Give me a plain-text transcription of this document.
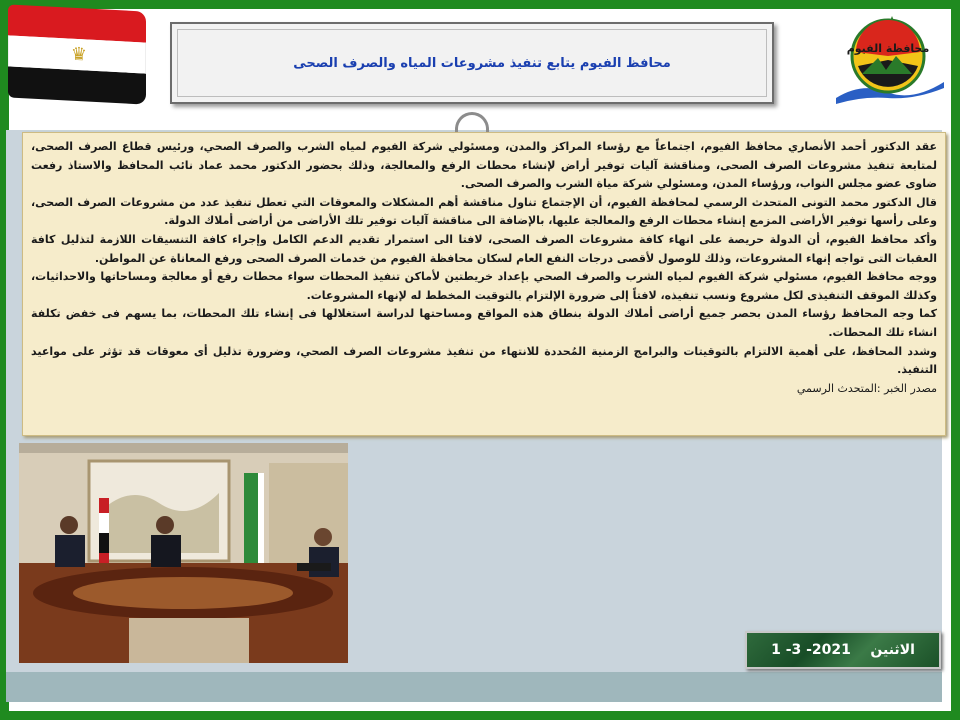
♛	محافظ الفيوم يتابع تنفيذ مشروعات المياه والصرف الصحى
محافظة الفيوم

عقد الدكتور أحمد الأنصاري محافظ الفيوم، اجتماعاً مع رؤساء المراكز والمدن، ومسئولي شركة الفيوم لمياه الشرب والصرف الصحي، ورئيس قطاع الصرف الصحى، لمتابعة تنفيذ مشروعات الصرف الصحى، ومناقشة آليات توفير أراض لإنشاء محطات الرفع والمعالجة، وذلك بحضور الدكتور محمد عماد نائب المحافظ والاستاذ رفعت ضاوى عضو مجلس النواب، ورؤساء المدن، ومسئولي شركة مياة الشرب والصرف الصحى.

قال الدكتور محمد التونى المتحدث الرسمي لمحافظة الفيوم، أن الإجتماع تناول مناقشة أهم المشكلات والمعوقات التي تعطل تنفيذ عدد من مشروعات الصرف الصحى، وعلى رأسها توفير الأراضى المزمع إنشاء محطات الرفع والمعالجة عليها، بالإضافة الى مناقشة آليات توفير تلك الأراضى من أراضى أملاك الدولة.

وأكد محافظ الفيوم، أن الدولة حريصة على انهاء كافة مشروعات الصرف الصحى، لافتا الى استمرار تقديم الدعم الكامل وإجراء كافة التنسيقات اللازمة لتذليل كافة العقبات التى تواجه إنهاء المشروعات، وذلك للوصول لأقصى درجات النفع العام لسكان محافظة الفيوم من خدمات الصرف الصحى ورفع المعاناة عن المواطن.

ووجه محافظ الفيوم، مسئولي شركة الفيوم لمياه الشرب والصرف الصحي بإعداد خريطتين لأماكن تنفيذ المحطات سواء محطات رفع أو معالجة ومساحاتها والاحداثيات، وكذلك الموقف التنفيذى لكل مشروع ونسب تنفيذه، لافتاً إلى ضرورة الإلتزام بالتوقيت المخطط له لإنهاء المشروعات.

كما وجه المحافظ رؤساء المدن بحصر جميع أراضى أملاك الدولة بنطاق هذه المواقع ومساحتها لدراسة استغلالها فى إنشاء تلك المحطات، بما يسهم فى خفض تكلفة انشاء تلك المحطات.

وشدد المحافظ، على أهمية الالتزام بالتوقيتات والبرامج الزمنية المُحددة للانتهاء من تنفيذ مشروعات الصرف الصحي، وضرورة تذليل أى معوقات قد تؤثر على مواعيد التنفيذ.

مصدر الخبر :المتحدث الرسمي

1 -3 -2021 الاثنين
